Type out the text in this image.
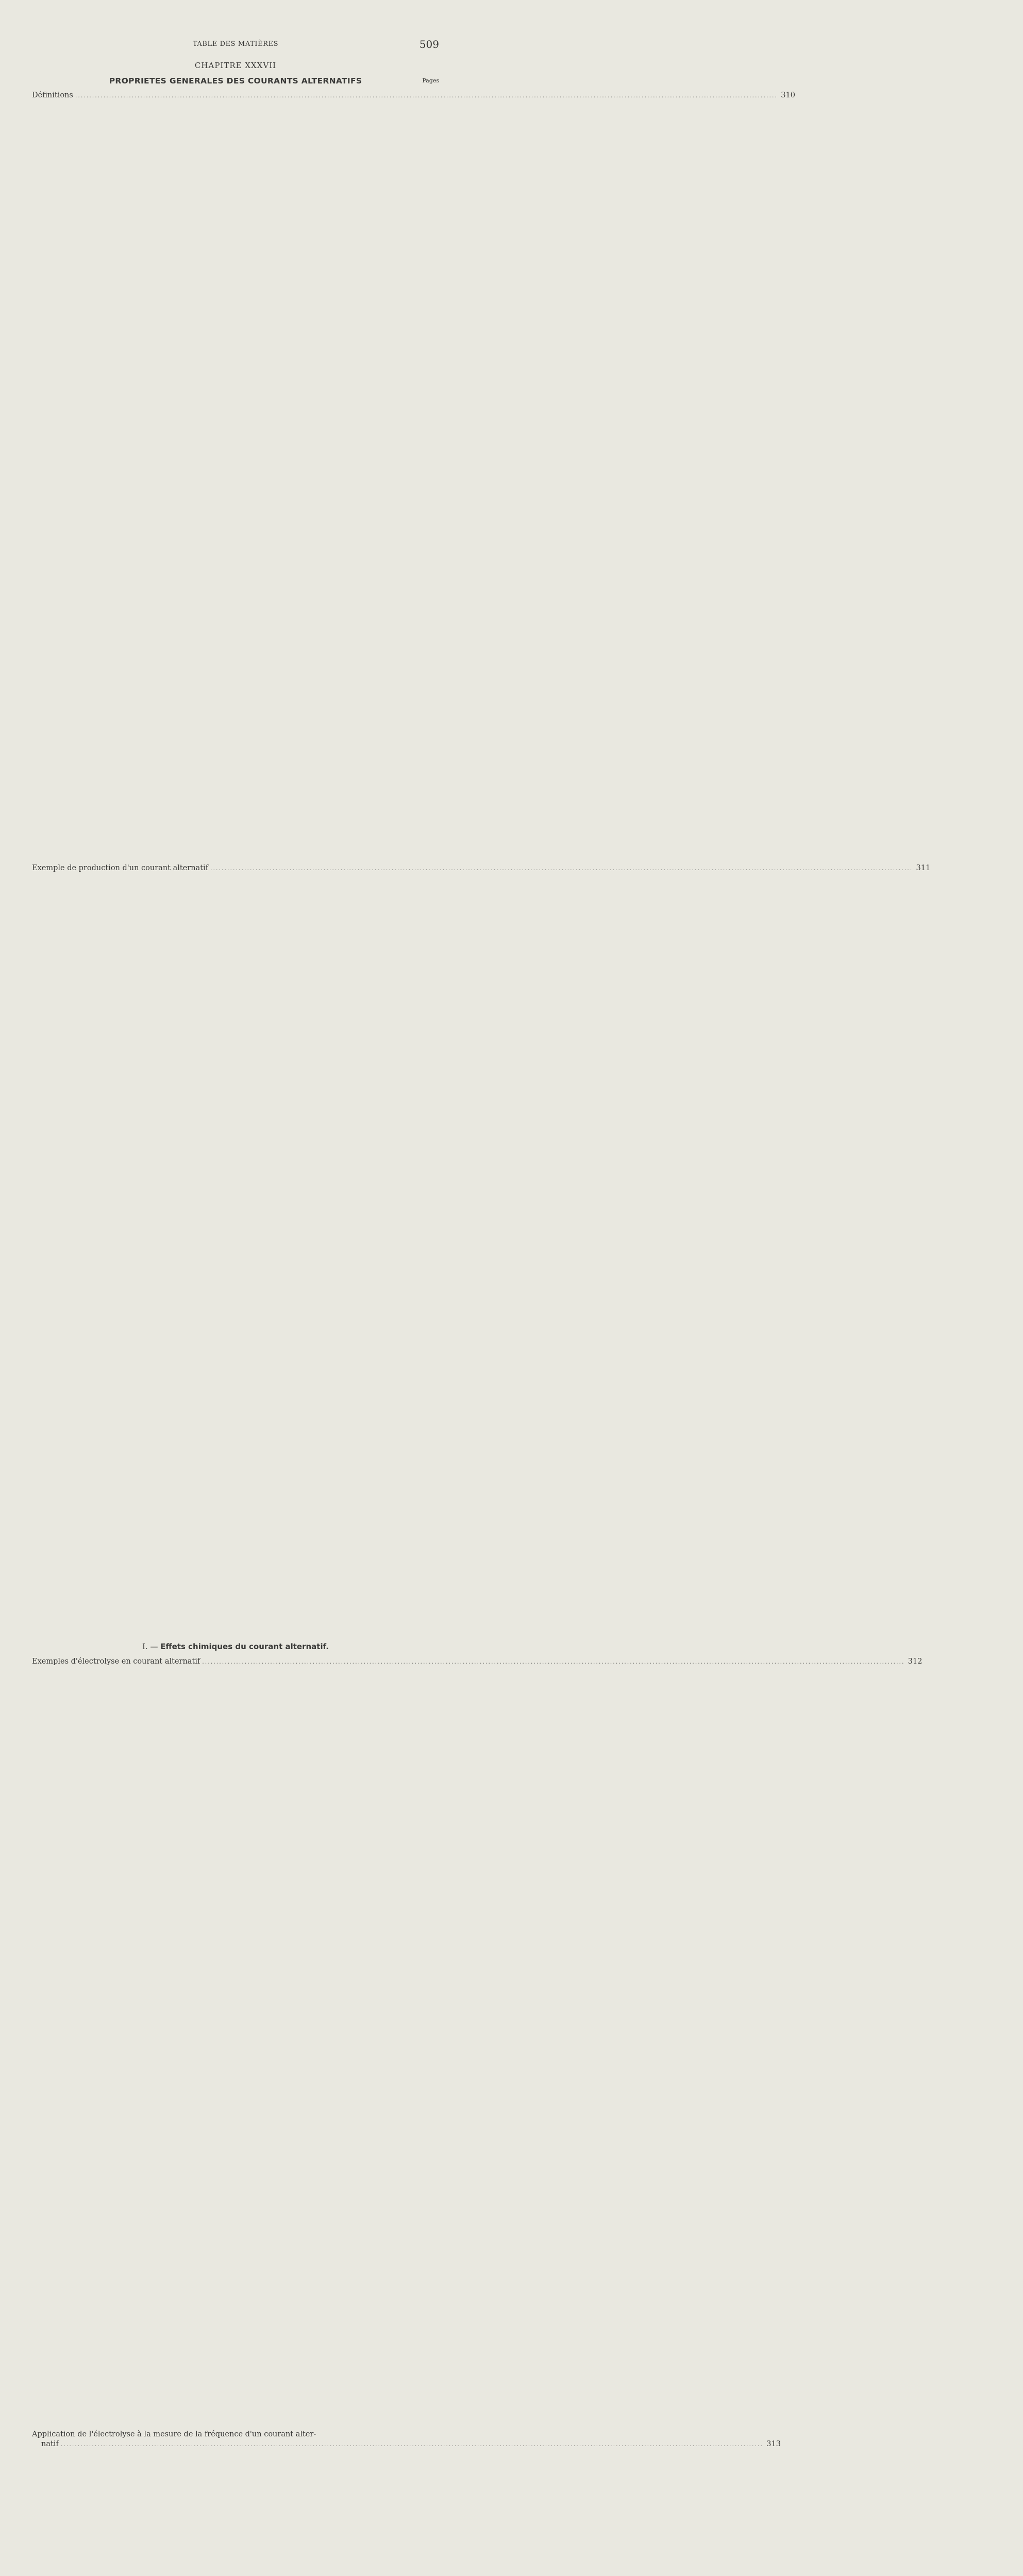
TABLE DES MATIÈRES	509

CHAPITRE XXXVII

PROPRIETES GENERALES DES COURANTS ALTERNATIFS	Pages
Définitions .....	310
Exemple de production d'un courant alternatif .....	311

I. — Effets chimiques du courant alternatif.

Exemples d'électrolyse en courant alternatif .....	312
Application de l'électrolyse à la mesure de la fréquence d'un courant alter-
natif .....	313
